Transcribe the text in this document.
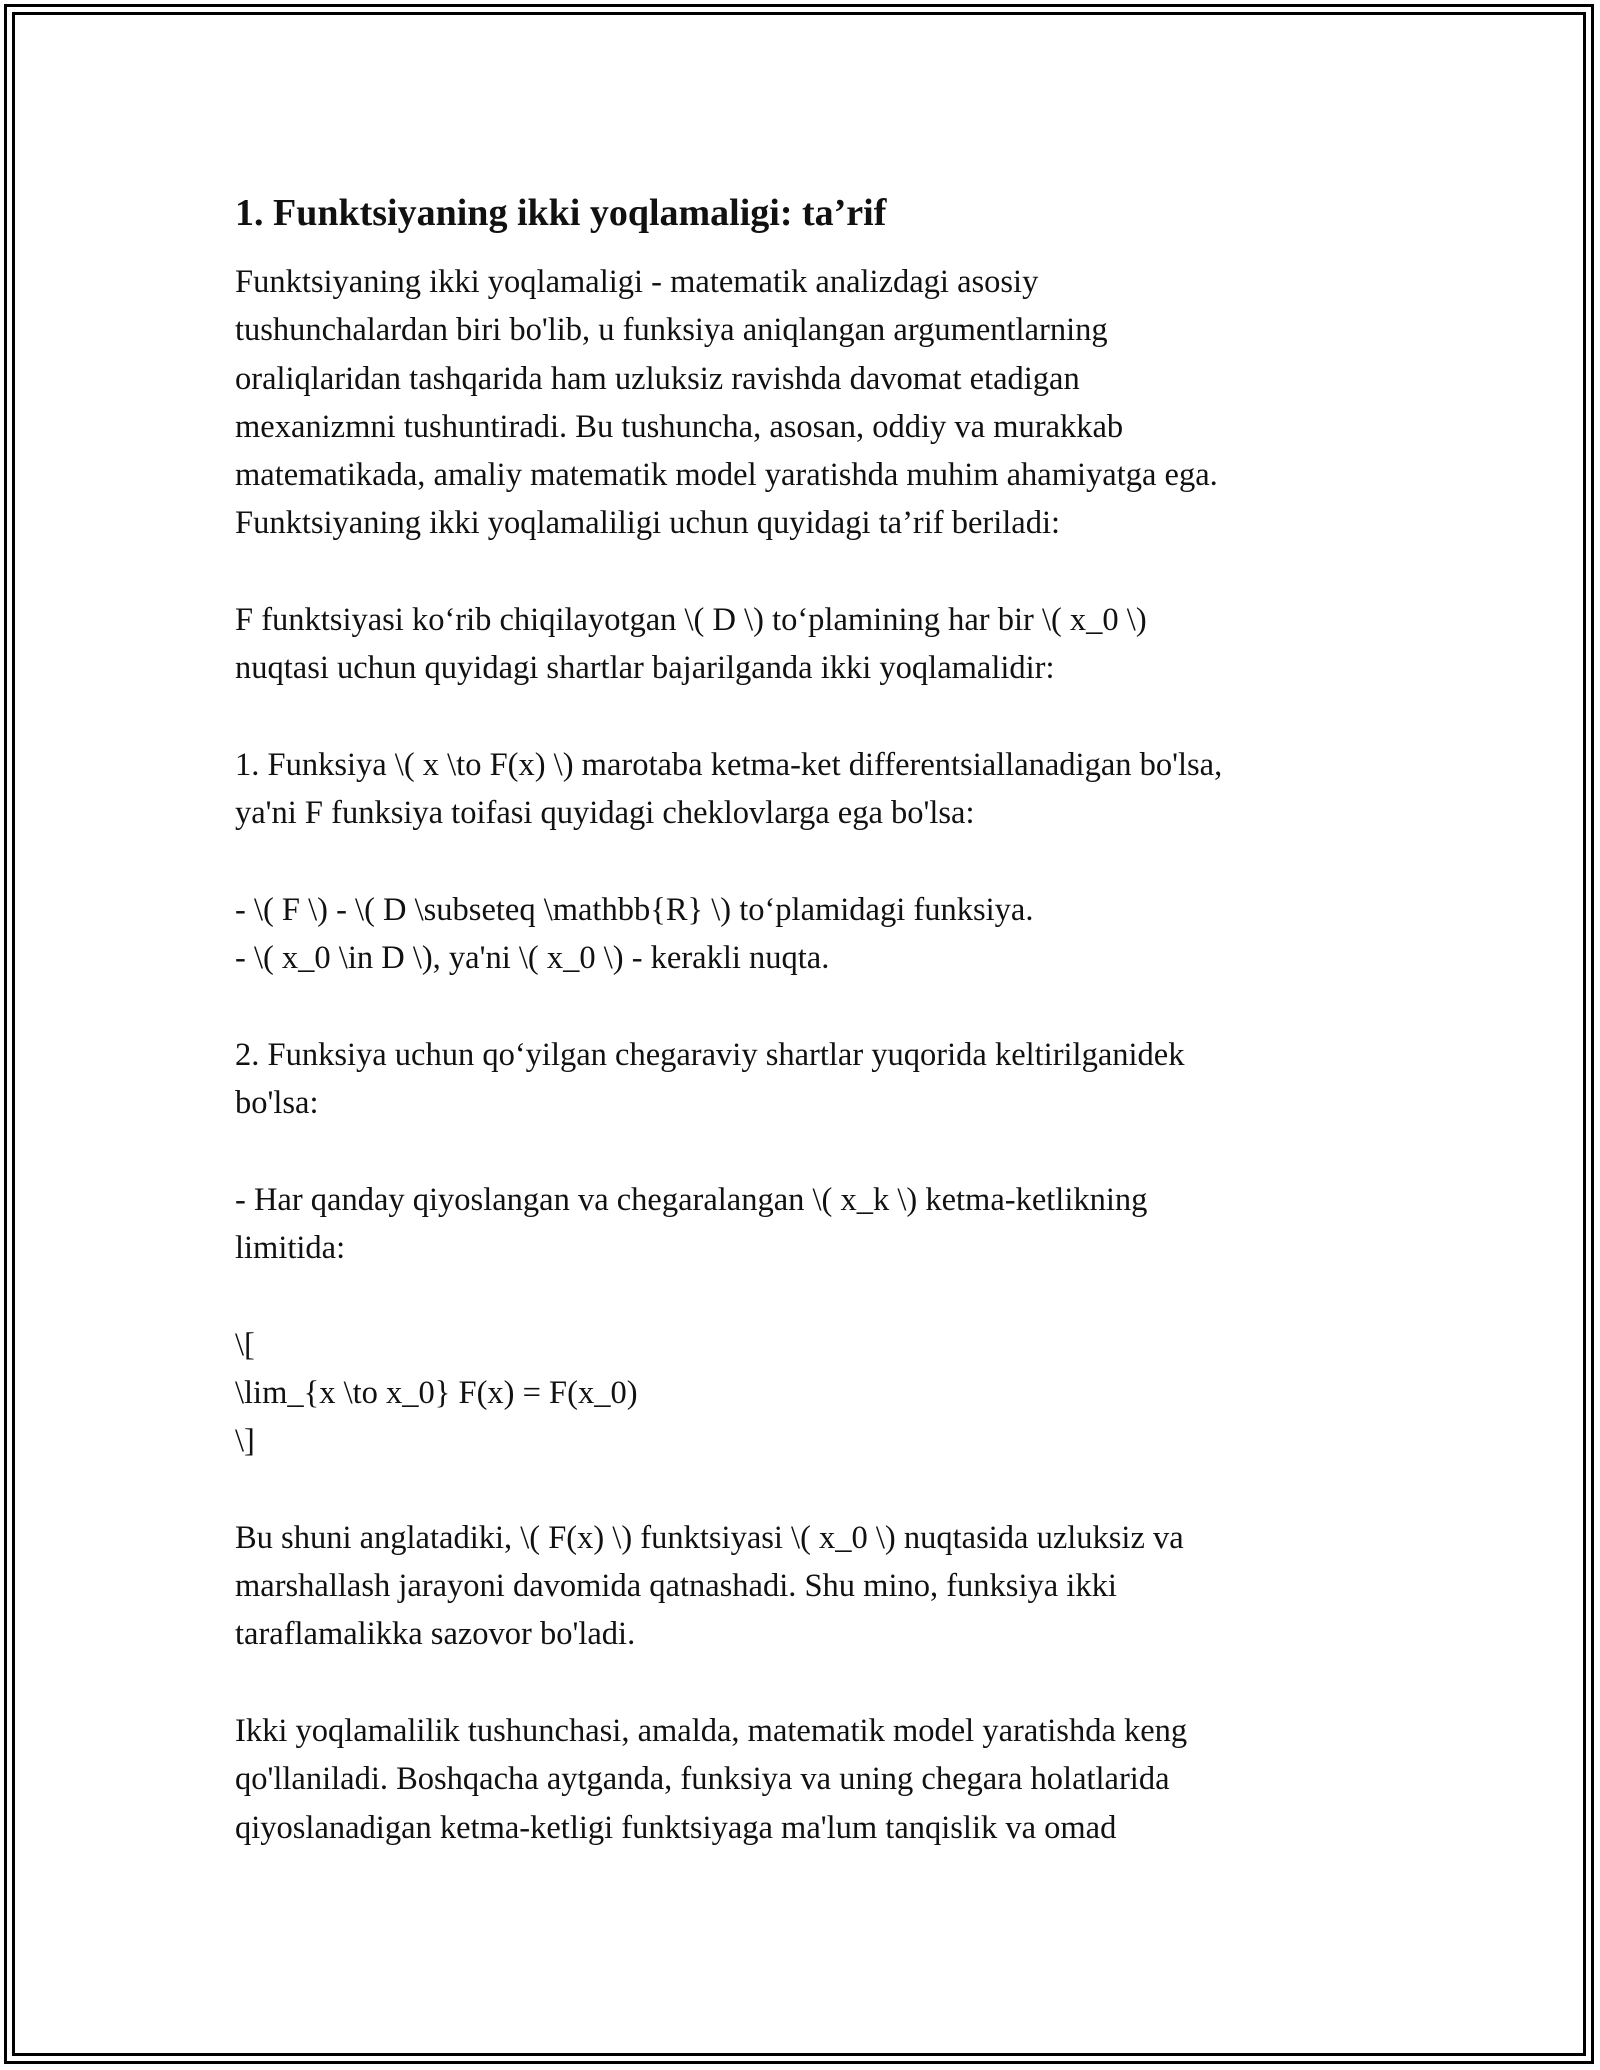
1. Funktsiyaning ikki yoqlamaligi: ta’rif
Funktsiyaning ikki yoqlamaligi - matematik analizdagi asosiy
tushunchalardan biri bo'lib, u funksiya aniqlangan argumentlarning
oraliqlaridan tashqarida ham uzluksiz ravishda davomat etadigan
mexanizmni tushuntiradi. Bu tushuncha, asosan, oddiy va murakkab
matematikada, amaliy matematik model yaratishda muhim ahamiyatga ega.
Funktsiyaning ikki yoqlamaliligi uchun quyidagi ta’rif beriladi:
F funktsiyasi ko‘rib chiqilayotgan \( D \) to‘plamining har bir \( x_0 \)
nuqtasi uchun quyidagi shartlar bajarilganda ikki yoqlamalidir:
1. Funksiya \( x \to F(x) \) marotaba ketma-ket differentsiallanadigan bo'lsa,
ya'ni F funksiya toifasi quyidagi cheklovlarga ega bo'lsa:
- \( F \) - \( D \subseteq \mathbb{R} \) to‘plamidagi funksiya.
- \( x_0 \in D \), ya'ni \( x_0 \) - kerakli nuqta.
2. Funksiya uchun qo‘yilgan chegaraviy shartlar yuqorida keltirilganidek
bo'lsa:
- Har qanday qiyoslangan va chegaralangan \( x_k \) ketma-ketlikning
limitida:
\[
\lim_{x \to x_0} F(x) = F(x_0)
\]
Bu shuni anglatadiki, \( F(x) \) funktsiyasi \( x_0 \) nuqtasida uzluksiz va
marshallash jarayoni davomida qatnashadi. Shu mino, funksiya ikki
taraflamalikka sazovor bo'ladi.
Ikki yoqlamalilik tushunchasi, amalda, matematik model yaratishda keng
qo'llaniladi. Boshqacha aytganda, funksiya va uning chegara holatlarida
qiyoslanadigan ketma-ketligi funktsiyaga ma'lum tanqislik va omad
